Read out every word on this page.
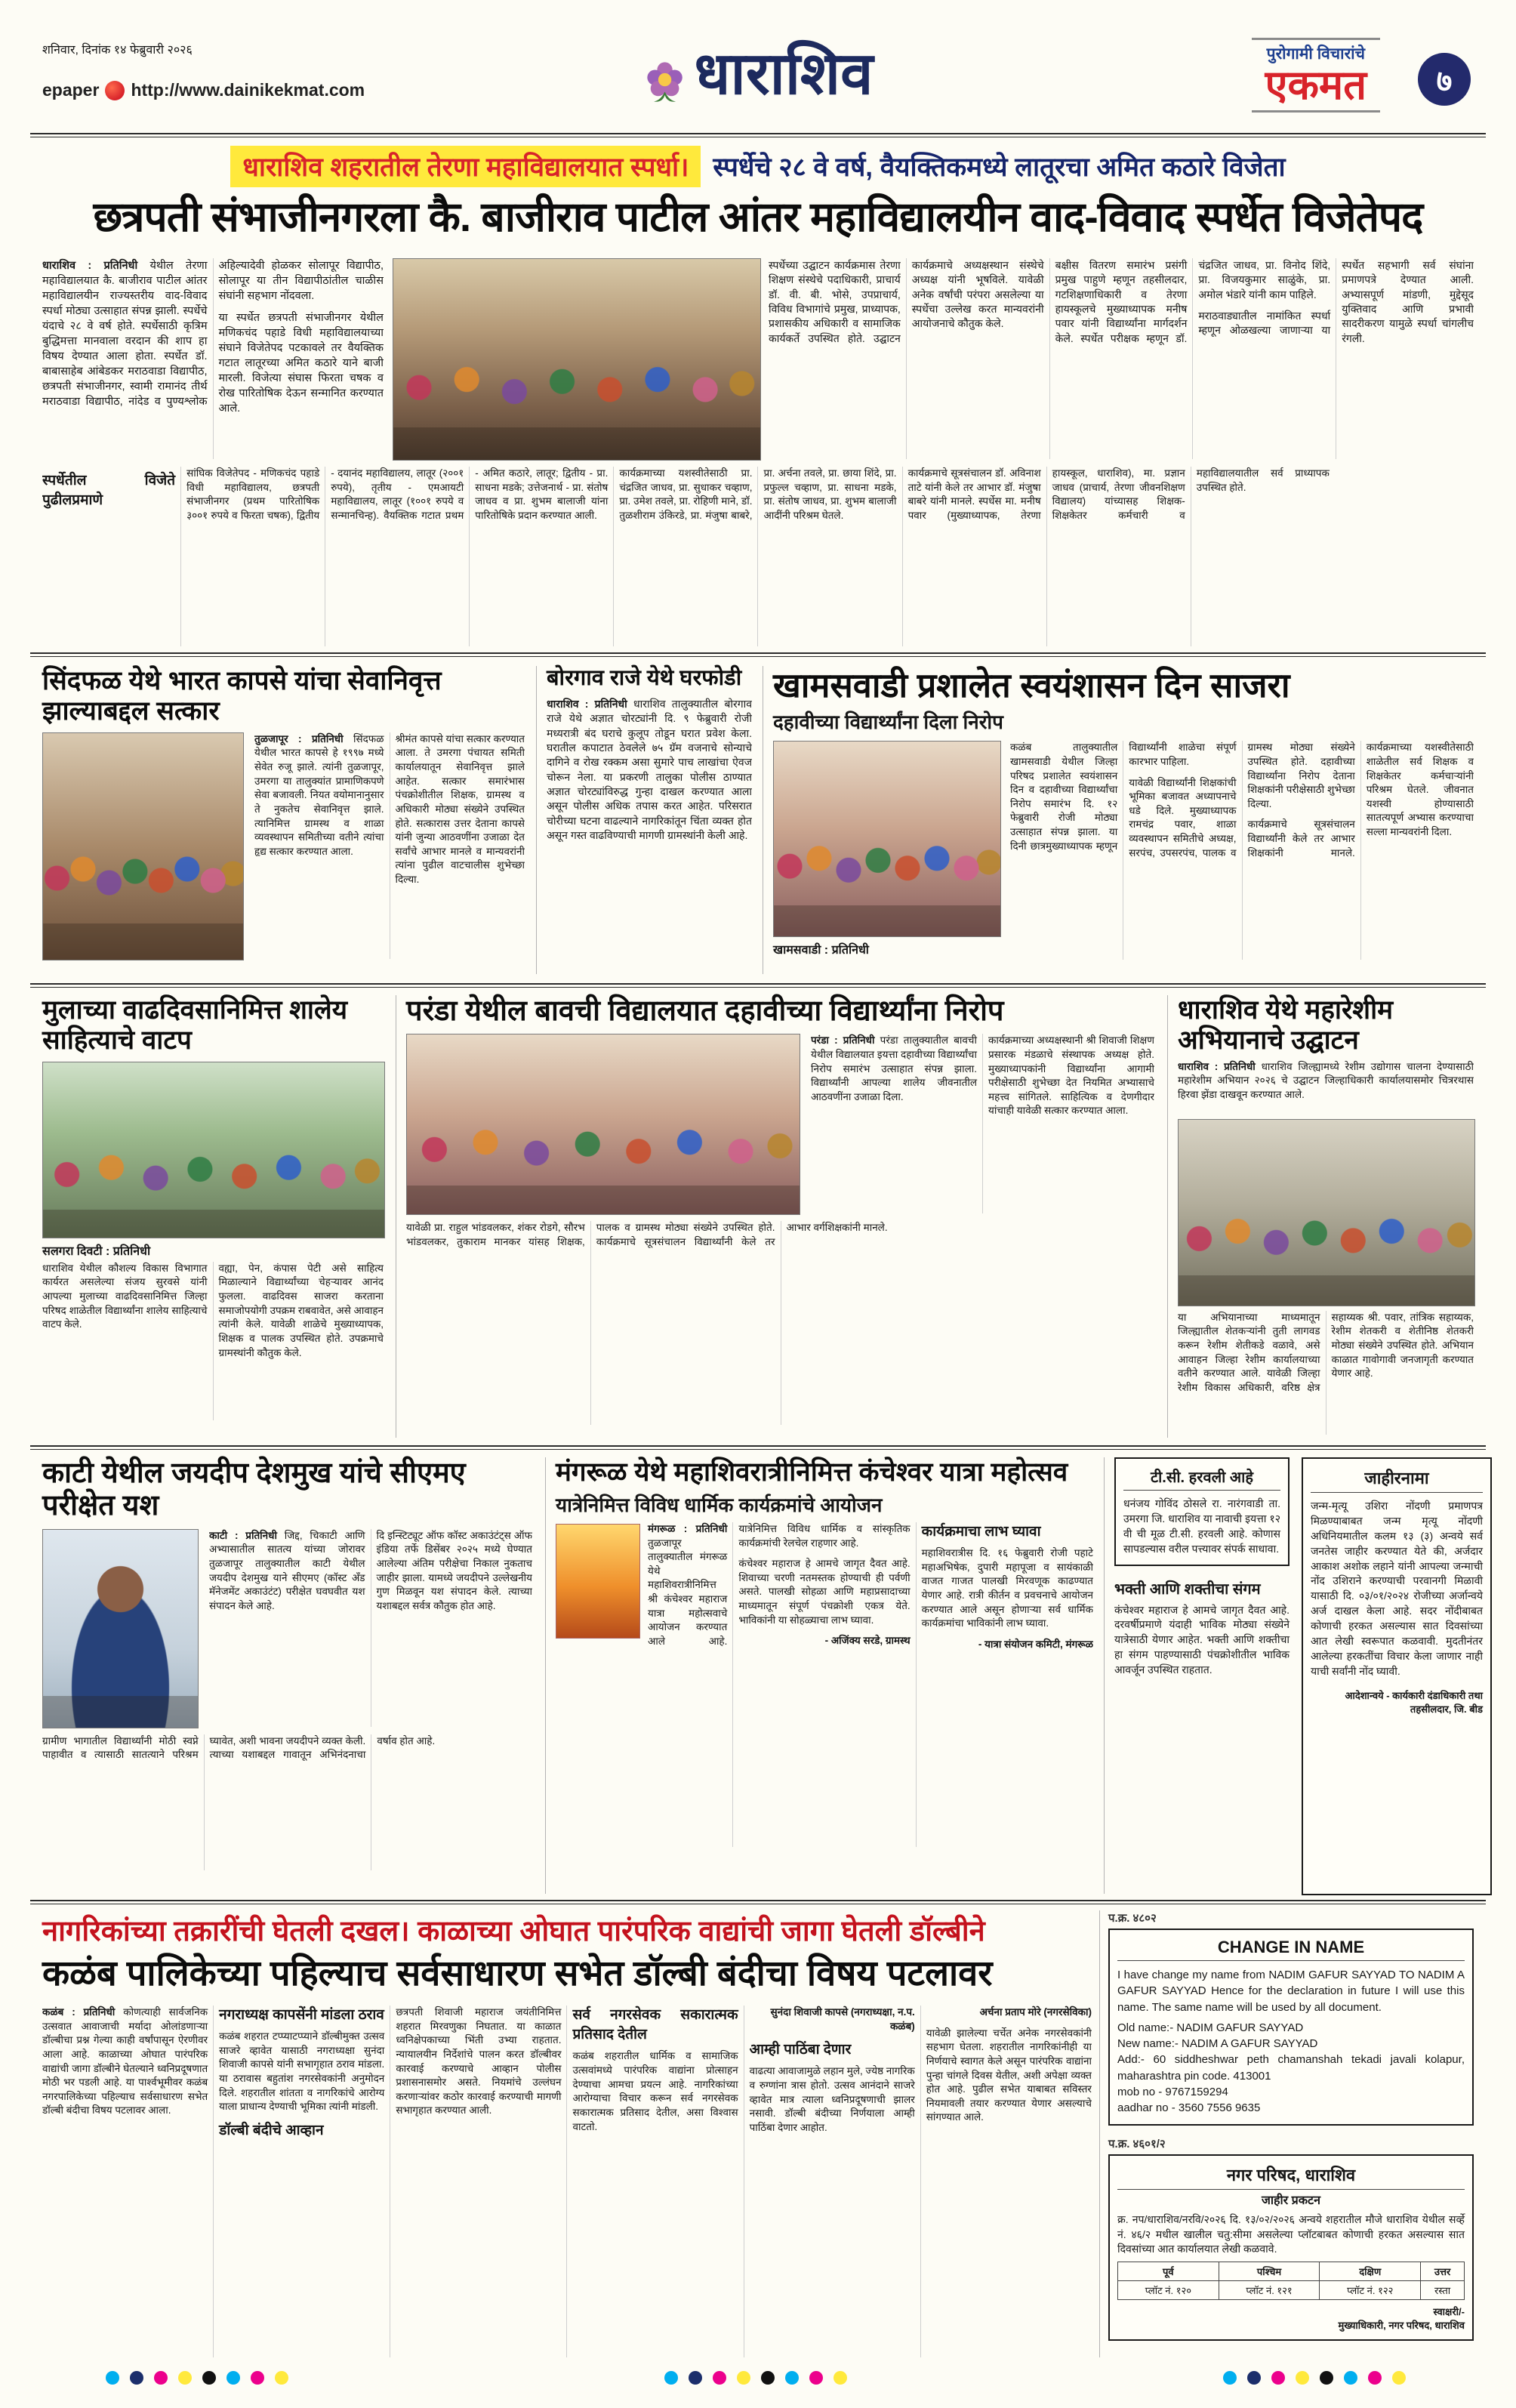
शनिवार, दिनांक १४ फेब्रुवारी २०२६
epaper http://www.dainikekmat.com	धाराशिव	पुरोगामी विचारांचे
एकमत	७
धाराशिव शहरातील तेरणा महाविद्यालयात स्पर्धा। स्पर्धेचे २८ वे वर्ष, वैयक्तिकमध्ये लातूरचा अमित कठारे विजेता
छत्रपती संभाजीनगरला कै. बाजीराव पाटील आंतर महाविद्यालयीन वाद-विवाद स्पर्धेत विजेतेपद

धाराशिव : प्रतिनिधी येथील तेरणा महाविद्यालयात कै. बाजीराव पाटील आंतर महाविद्यालयीन राज्यस्तरीय वाद-विवाद स्पर्धा मोठ्या उत्साहात संपन्न झाली. स्पर्धेचे यंदाचे २८ वे वर्ष होते. स्पर्धेसाठी कृत्रिम बुद्धिमत्ता मानवाला वरदान की शाप हा विषय देण्यात आला होता. स्पर्धेत डॉ. बाबासाहेब आंबेडकर मराठवाडा विद्यापीठ, छत्रपती संभाजीनगर, स्वामी रामानंद तीर्थ मराठवाडा विद्यापीठ, नांदेड व पुण्यश्लोक अहिल्यादेवी होळकर सोलापूर विद्यापीठ, सोलापूर या तीन विद्यापीठांतील चाळीस संघांनी सहभाग नोंदवला.

या स्पर्धेत छत्रपती संभाजीनगर येथील मणिकचंद पहाडे विधी महाविद्यालयाच्या संघाने विजेतेपद पटकावले तर वैयक्तिक गटात लातूरच्या अमित कठारे याने बाजी मारली. विजेत्या संघास फिरता चषक व रोख पारितोषिक देऊन सन्मानित करण्यात आले.

स्पर्धेच्या उद्घाटन कार्यक्रमास तेरणा शिक्षण संस्थेचे पदाधिकारी, प्राचार्य डॉ. वी. बी. भोसे, उपप्राचार्य, विविध विभागांचे प्रमुख, प्राध्यापक, प्रशासकीय अधिकारी व सामाजिक कार्यकर्ते उपस्थित होते. उद्घाटन कार्यक्रमाचे अध्यक्षस्थान संस्थेचे अध्यक्ष यांनी भूषविले. यावेळी अनेक वर्षांची परंपरा असलेल्या या स्पर्धेचा उल्लेख करत मान्यवरांनी आयोजनाचे कौतुक केले.

बक्षीस वितरण समारंभ प्रसंगी प्रमुख पाहुणे म्हणून तहसीलदार, गटशिक्षणाधिकारी व तेरणा हायस्कूलचे मुख्याध्यापक मनीष पवार यांनी विद्यार्थ्यांना मार्गदर्शन केले. स्पर्धेत परीक्षक म्हणून डॉ. चंद्रजित जाधव, प्रा. विनोद शिंदे, प्रा. विजयकुमार साळुंके, प्रा. अमोल भंडारे यांनी काम पाहिले.

मराठवाड्यातील नामांकित स्पर्धा म्हणून ओळखल्या जाणाऱ्या या स्पर्धेत सहभागी सर्व संघांना प्रमाणपत्रे देण्यात आली. अभ्यासपूर्ण मांडणी, मुद्देसूद युक्तिवाद आणि प्रभावी सादरीकरण यामुळे स्पर्धा चांगलीच रंगली.

स्पर्धेतील विजेते पुढीलप्रमाणे

सांघिक विजेतेपद - मणिकचंद पहाडे विधी महाविद्यालय, छत्रपती संभाजीनगर (प्रथम पारितोषिक ३००१ रुपये व फिरता चषक), द्वितीय - दयानंद महाविद्यालय, लातूर (२००१ रुपये), तृतीय - एमआयटी महाविद्यालय, लातूर (१००१ रुपये व सन्मानचिन्ह). वैयक्तिक गटात प्रथम - अमित कठारे, लातूर; द्वितीय - प्रा. साधना मडके; उत्तेजनार्थ - प्रा. संतोष जाधव व प्रा. शुभम बालाजी यांना पारितोषिके प्रदान करण्यात आली.

कार्यक्रमाच्या यशस्वीतेसाठी प्रा. चंद्रजित जाधव, प्रा. सुधाकर चव्हाण, प्रा. उमेश तवले, प्रा. रोहिणी माने, डॉ. तुळशीराम उंकिरडे, प्रा. मंजुषा बाबरे, प्रा. अर्चना तवले, प्रा. छाया शिंदे, प्रा. प्रफुल्ल चव्हाण, प्रा. साधना मडके, प्रा. संतोष जाधव, प्रा. शुभम बालाजी आदींनी परिश्रम घेतले.

कार्यक्रमाचे सूत्रसंचालन डॉ. अविनाश ताटे यांनी केले तर आभार डॉ. मंजुषा बाबरे यांनी मानले. स्पर्धेस मा. मनीष पवार (मुख्याध्यापक, तेरणा हायस्कूल, धाराशिव), मा. प्रज्ञान जाधव (प्राचार्य, तेरणा जीवनशिक्षण विद्यालय) यांच्यासह शिक्षक-शिक्षकेतर कर्मचारी व महाविद्यालयातील सर्व प्राध्यापक उपस्थित होते.

सिंदफळ येथे भारत कापसे यांचा सेवानिवृत्त झाल्याबद्दल सत्कार

तुळजापूर : प्रतिनिधी सिंदफळ येथील भारत कापसे हे १९९७ मध्ये सेवेत रुजू झाले. त्यांनी तुळजापूर, उमरगा या तालुक्यांत प्रामाणिकपणे सेवा बजावली. नियत वयोमानानुसार ते नुकतेच सेवानिवृत्त झाले. त्यानिमित्त ग्रामस्थ व शाळा व्यवस्थापन समितीच्या वतीने त्यांचा हृद्य सत्कार करण्यात आला.

श्रीमंत कापसे यांचा सत्कार करण्यात आला. ते उमरगा पंचायत समिती कार्यालयातून सेवानिवृत्त झाले आहेत. सत्कार समारंभास पंचक्रोशीतील शिक्षक, ग्रामस्थ व अधिकारी मोठ्या संख्येने उपस्थित होते. सत्कारास उत्तर देताना कापसे यांनी जुन्या आठवणींना उजाळा देत सर्वांचे आभार मानले व मान्यवरांनी त्यांना पुढील वाटचालीस शुभेच्छा दिल्या.

बोरगाव राजे येथे घरफोडी

धाराशिव : प्रतिनिधी धाराशिव तालुक्यातील बोरगाव राजे येथे अज्ञात चोरट्यांनी दि. ९ फेब्रुवारी रोजी मध्यरात्री बंद घराचे कुलूप तोडून घरात प्रवेश केला. घरातील कपाटात ठेवलेले ७५ ग्रॅम वजनाचे सोन्याचे दागिने व रोख रक्कम असा सुमारे पाच लाखांचा ऐवज चोरून नेला. या प्रकरणी तालुका पोलीस ठाण्यात अज्ञात चोरट्यांविरुद्ध गुन्हा दाखल करण्यात आला असून पोलीस अधिक तपास करत आहेत. परिसरात चोरीच्या घटना वाढल्याने नागरिकांतून चिंता व्यक्त होत असून गस्त वाढविण्याची मागणी ग्रामस्थांनी केली आहे.

खामसवाडी प्रशालेत स्वयंशासन दिन साजरा
दहावीच्या विद्यार्थ्यांना दिला निरोप
खामसवाडी : प्रतिनिधी

कळंब तालुक्यातील खामसवाडी येथील जिल्हा परिषद प्रशालेत स्वयंशासन दिन व दहावीच्या विद्यार्थ्यांचा निरोप समारंभ दि. १२ फेब्रुवारी रोजी मोठ्या उत्साहात संपन्न झाला. या दिनी छात्रमुख्याध्यापक म्हणून विद्यार्थ्यांनी शाळेचा संपूर्ण कारभार पाहिला.

यावेळी विद्यार्थ्यांनी शिक्षकांची भूमिका बजावत अध्यापनाचे धडे दिले. मुख्याध्यापक रामचंद्र पवार, शाळा व्यवस्थापन समितीचे अध्यक्ष, सरपंच, उपसरपंच, पालक व ग्रामस्थ मोठ्या संख्येने उपस्थित होते. दहावीच्या विद्यार्थ्यांना निरोप देताना शिक्षकांनी परीक्षेसाठी शुभेच्छा दिल्या.

कार्यक्रमाचे सूत्रसंचालन विद्यार्थ्यांनी केले तर आभार शिक्षकांनी मानले. कार्यक्रमाच्या यशस्वीतेसाठी शाळेतील सर्व शिक्षक व शिक्षकेतर कर्मचाऱ्यांनी परिश्रम घेतले. जीवनात यशस्वी होण्यासाठी सातत्यपूर्ण अभ्यास करण्याचा सल्ला मान्यवरांनी दिला.

मुलाच्या वाढदिवसानिमित्त शालेय साहित्याचे वाटप
सलगरा दिवटी : प्रतिनिधी

धाराशिव येथील कौशल्य विकास विभागात कार्यरत असलेल्या संजय सुरवसे यांनी आपल्या मुलाच्या वाढदिवसानिमित्त जिल्हा परिषद शाळेतील विद्यार्थ्यांना शालेय साहित्याचे वाटप केले.

वह्या, पेन, कंपास पेटी असे साहित्य मिळाल्याने विद्यार्थ्यांच्या चेहऱ्यावर आनंद फुलला. वाढदिवस साजरा करताना समाजोपयोगी उपक्रम राबवावेत, असे आवाहन त्यांनी केले. यावेळी शाळेचे मुख्याध्यापक, शिक्षक व पालक उपस्थित होते. उपक्रमाचे ग्रामस्थांनी कौतुक केले.

परंडा येथील बावची विद्यालयात दहावीच्या विद्यार्थ्यांना निरोप

परंडा : प्रतिनिधी परंडा तालुक्यातील बावची येथील विद्यालयात इयत्ता दहावीच्या विद्यार्थ्यांचा निरोप समारंभ उत्साहात संपन्न झाला. विद्यार्थ्यांनी आपल्या शालेय जीवनातील आठवणींना उजाळा दिला.

कार्यक्रमाच्या अध्यक्षस्थानी श्री शिवाजी शिक्षण प्रसारक मंडळाचे संस्थापक अध्यक्ष होते. मुख्याध्यापकांनी विद्यार्थ्यांना आगामी परीक्षेसाठी शुभेच्छा देत नियमित अभ्यासाचे महत्त्व सांगितले. साहित्यिक व देणगीदार यांचाही यावेळी सत्कार करण्यात आला.

यावेळी प्रा. राहुल भांडवलकर, शंकर रोडगे, सौरभ भांडवलकर, तुकाराम मानकर यांसह शिक्षक, पालक व ग्रामस्थ मोठ्या संख्येने उपस्थित होते. कार्यक्रमाचे सूत्रसंचालन विद्यार्थ्यांनी केले तर आभार वर्गशिक्षकांनी मानले.

धाराशिव येथे महारेशीम अभियानाचे उद्घाटन

धाराशिव : प्रतिनिधी धाराशिव जिल्ह्यामध्ये रेशीम उद्योगास चालना देण्यासाठी महारेशीम अभियान २०२६ चे उद्घाटन जिल्हाधिकारी कार्यालयासमोर चित्ररथास हिरवा झेंडा दाखवून करण्यात आले.

या अभियानाच्या माध्यमातून जिल्ह्यातील शेतकऱ्यांनी तुती लागवड करून रेशीम शेतीकडे वळावे, असे आवाहन जिल्हा रेशीम कार्यालयाच्या वतीने करण्यात आले. यावेळी जिल्हा रेशीम विकास अधिकारी, वरिष्ठ क्षेत्र सहाय्यक श्री. पवार, तांत्रिक सहाय्यक, रेशीम शेतकरी व शेतीनिष्ठ शेतकरी मोठ्या संख्येने उपस्थित होते. अभियान काळात गावोगावी जनजागृती करण्यात येणार आहे.

काटी येथील जयदीप देशमुख यांचे सीएमए परीक्षेत यश

काटी : प्रतिनिधी जिद्द, चिकाटी आणि अभ्यासातील सातत्य यांच्या जोरावर तुळजापूर तालुक्यातील काटी येथील जयदीप देशमुख याने सीएमए (कॉस्ट अँड मॅनेजमेंट अकाउंटंट) परीक्षेत घवघवीत यश संपादन केले आहे.

दि इन्स्टिट्यूट ऑफ कॉस्ट अकाउंटंट्स ऑफ इंडिया तर्फे डिसेंबर २०२५ मध्ये घेण्यात आलेल्या अंतिम परीक्षेचा निकाल नुकताच जाहीर झाला. यामध्ये जयदीपने उल्लेखनीय गुण मिळवून यश संपादन केले. त्याच्या यशाबद्दल सर्वत्र कौतुक होत आहे.

ग्रामीण भागातील विद्यार्थ्यांनी मोठी स्वप्ने पाहावीत व त्यासाठी सातत्याने परिश्रम घ्यावेत, अशी भावना जयदीपने व्यक्त केली. त्याच्या यशाबद्दल गावातून अभिनंदनाचा वर्षाव होत आहे.

मंगरूळ येथे महाशिवरात्रीनिमित्त कंचेश्वर यात्रा महोत्सव
यात्रेनिमित्त विविध धार्मिक कार्यक्रमांचे आयोजन

मंगरूळ : प्रतिनिधी तुळजापूर तालुक्यातील मंगरूळ येथे महाशिवरात्रीनिमित्त श्री कंचेश्वर महाराज यात्रा महोत्सवाचे आयोजन करण्यात आले आहे. यात्रेनिमित्त विविध धार्मिक व सांस्कृतिक कार्यक्रमांची रेलचेल राहणार आहे.

कंचेश्वर महाराज हे आमचे जागृत दैवत आहे. शिवाच्या चरणी नतमस्तक होण्याची ही पर्वणी असते. पालखी सोहळा आणि महाप्रसादाच्या माध्यमातून संपूर्ण पंचक्रोशी एकत्र येते. भाविकांनी या सोहळ्याचा लाभ घ्यावा.

- अजिंक्य सरडे, ग्रामस्थ

कार्यक्रमाचा लाभ घ्यावा

महाशिवरात्रीस दि. १६ फेब्रुवारी रोजी पहाटे महाअभिषेक, दुपारी महापूजा व सायंकाळी वाजत गाजत पालखी मिरवणूक काढण्यात येणार आहे. रात्री कीर्तन व प्रवचनाचे आयोजन करण्यात आले असून होणाऱ्या सर्व धार्मिक कार्यक्रमांचा भाविकांनी लाभ घ्यावा.

- यात्रा संयोजन कमिटी, मंगरूळ

टी.सी. हरवली आहे
धनंजय गोविंद ठोसले रा. नारंगवाडी ता. उमरगा जि. धाराशिव या नावाची इयत्ता १२ वी ची मूळ टी.सी. हरवली आहे. कोणास सापडल्यास वरील पत्त्यावर संपर्क साधावा.
भक्ती आणि शक्तीचा संगम
कंचेश्वर महाराज हे आमचे जागृत दैवत आहे. दरवर्षीप्रमाणे यंदाही भाविक मोठ्या संख्येने यात्रेसाठी येणार आहेत. भक्ती आणि शक्तीचा हा संगम पाहण्यासाठी पंचक्रोशीतील भाविक आवर्जून उपस्थित राहतात.
जाहीरनामा
जन्म-मृत्यू उशिरा नोंदणी प्रमाणपत्र मिळण्याबाबत जन्म मृत्यू नोंदणी अधिनियमातील कलम १३ (३) अन्वये सर्व जनतेस जाहीर करण्यात येते की, अर्जदार आकाश अशोक लहाने यांनी आपल्या जन्माची नोंद उशिराने करण्याची परवानगी मिळावी यासाठी दि. ०३/०१/२०२४ रोजीच्या अर्जान्वये अर्ज दाखल केला आहे. सदर नोंदीबाबत कोणाची हरकत असल्यास सात दिवसांच्या आत लेखी स्वरूपात कळवावी. मुदतीनंतर आलेल्या हरकतींचा विचार केला जाणार नाही याची सर्वांनी नोंद घ्यावी.
आदेशान्वये - कार्यकारी दंडाधिकारी तथा तहसीलदार, जि. बीड
नागरिकांच्या तक्रारींची घेतली दखल। काळाच्या ओघात पारंपरिक वाद्यांची जागा घेतली डॉल्बीने
कळंब पालिकेच्या पहिल्याच सर्वसाधारण सभेत डॉल्बी बंदीचा विषय पटलावर

कळंब : प्रतिनिधी कोणत्याही सार्वजनिक उत्सवात आवाजाची मर्यादा ओलांडणाऱ्या डॉल्बीचा प्रश्न गेल्या काही वर्षांपासून ऐरणीवर आला आहे. काळाच्या ओघात पारंपरिक वाद्यांची जागा डॉल्बीने घेतल्याने ध्वनिप्रदूषणात मोठी भर पडली आहे. या पार्श्वभूमीवर कळंब नगरपालिकेच्या पहिल्याच सर्वसाधारण सभेत डॉल्बी बंदीचा विषय पटलावर आला.

नगराध्यक्ष कापसेंनी मांडला ठराव

कळंब शहरात टप्प्याटप्प्याने डॉल्बीमुक्त उत्सव साजरे व्हावेत यासाठी नगराध्यक्षा सुनंदा शिवाजी कापसे यांनी सभागृहात ठराव मांडला. या ठरावास बहुतांश नगरसेवकांनी अनुमोदन दिले. शहरातील शांतता व नागरिकांचे आरोग्य याला प्राधान्य देण्याची भूमिका त्यांनी मांडली.

डॉल्बी बंदीचे आव्हान

छत्रपती शिवाजी महाराज जयंतीनिमित्त शहरात मिरवणुका निघतात. या काळात ध्वनिक्षेपकाच्या भिंती उभ्या राहतात. न्यायालयीन निर्देशांचे पालन करत डॉल्बीवर कारवाई करण्याचे आव्हान पोलीस प्रशासनासमोर असते. नियमांचे उल्लंघन करणाऱ्यांवर कठोर कारवाई करण्याची मागणी सभागृहात करण्यात आली.

सर्व नगरसेवक सकारात्मक प्रतिसाद देतील

कळंब शहरातील धार्मिक व सामाजिक उत्सवांमध्ये पारंपरिक वाद्यांना प्रोत्साहन देण्याचा आमचा प्रयत्न आहे. नागरिकांच्या आरोग्याचा विचार करून सर्व नगरसेवक सकारात्मक प्रतिसाद देतील, असा विश्वास वाटतो.

सुनंदा शिवाजी कापसे (नगराध्यक्षा, न.प. कळंब)

आम्ही पाठिंबा देणार

वाढत्या आवाजामुळे लहान मुले, ज्येष्ठ नागरिक व रुग्णांना त्रास होतो. उत्सव आनंदाने साजरे व्हावेत मात्र त्याला ध्वनिप्रदूषणाची झालर नसावी. डॉल्बी बंदीच्या निर्णयाला आम्ही पाठिंबा देणार आहोत.

अर्चना प्रताप मोरे (नगरसेविका)

यावेळी झालेल्या चर्चेत अनेक नगरसेवकांनी सहभाग घेतला. शहरातील नागरिकांनीही या निर्णयाचे स्वागत केले असून पारंपरिक वाद्यांना पुन्हा चांगले दिवस येतील, अशी अपेक्षा व्यक्त होत आहे. पुढील सभेत याबाबत सविस्तर नियमावली तयार करण्यात येणार असल्याचे सांगण्यात आले.

प.क्र. ४८०२
CHANGE IN NAME
I have change my name from NADIM GAFUR SAYYAD TO NADIM A GAFUR SAYYAD Hence for the declaration in future I will use this name. The same name will be used by all document.
Old name:- NADIM GAFUR SAYYAD
New name:- NADIM A GAFUR SAYYAD
Add:- 60 siddheshwar peth chamanshah tekadi javali kolapur, maharashtra pin code. 413001
mob no - 9767159294
aadhar no - 3560 7556 9635
प.क्र. ४६०१/२
नगर परिषद, धाराशिव
जाहीर प्रकटन
क्र. नप/धाराशिव/नरवि/२०२६ दि. १३/०२/२०२६ अन्वये शहरातील मौजे धाराशिव येथील सर्व्हे नं. ४६/२ मधील खालील चतु:सीमा असलेल्या प्लॉटबाबत कोणाची हरकत असल्यास सात दिवसांच्या आत कार्यालयात लेखी कळवावे.
पूर्व	पश्चिम	दक्षिण	उत्तर
प्लॉट नं. १२०	प्लॉट नं. १२१	प्लॉट नं. १२२	रस्ता
स्वाक्षरी/-
मुख्याधिकारी, नगर परिषद, धाराशिव
